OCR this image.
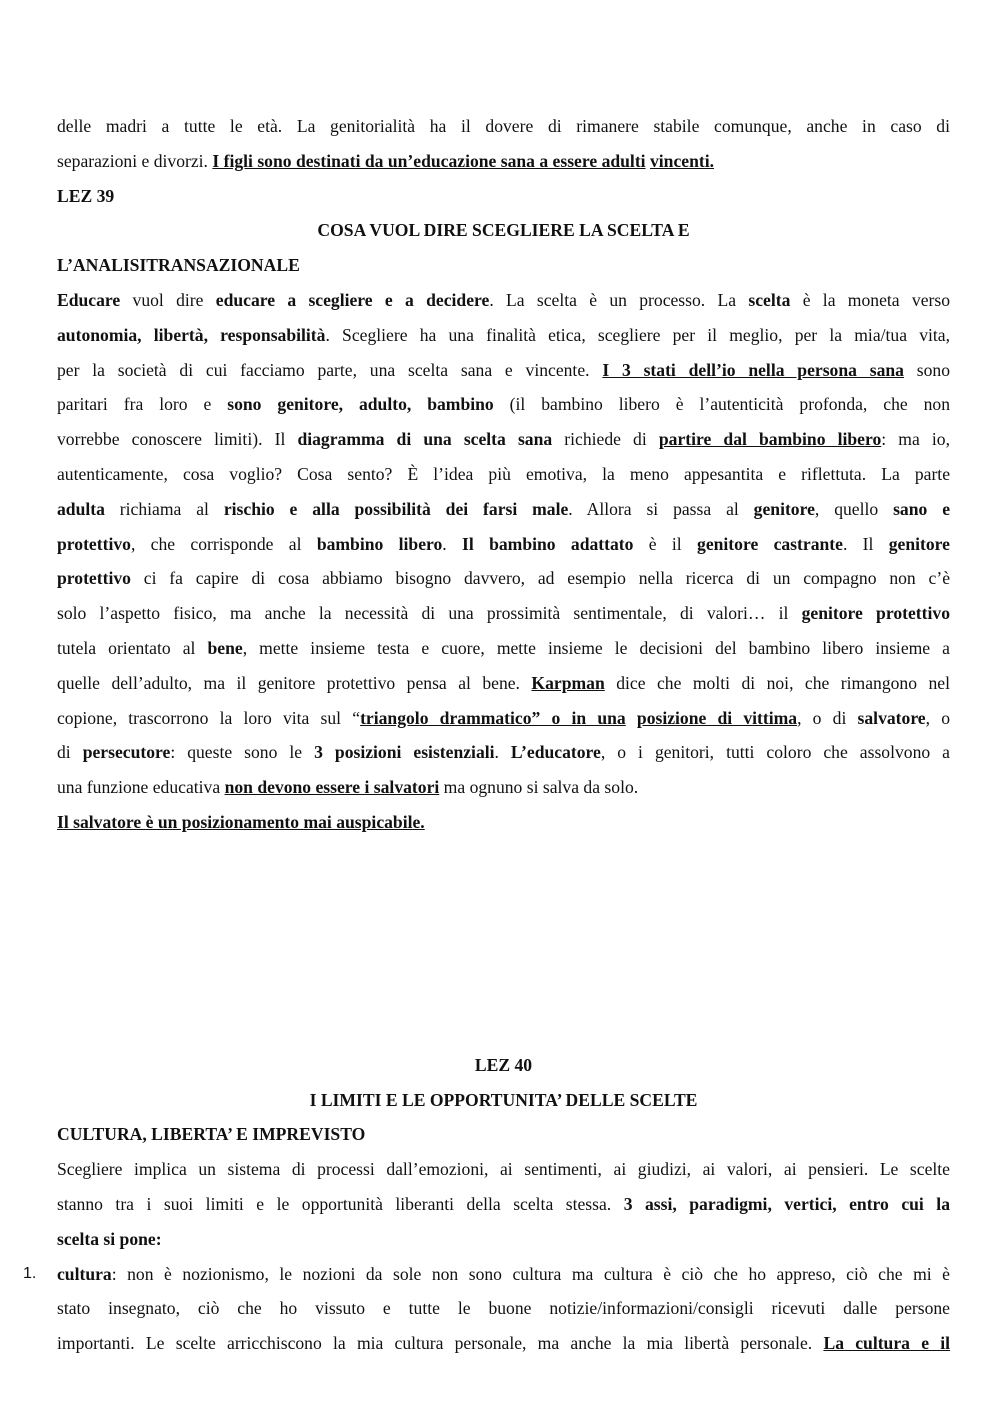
delle madri a tutte le età. La genitorialità ha il dovere di rimanere stabile comunque, anche in caso di
separazioni e divorzi. I figli sono destinati da un’educazione sana a essere adulti vincenti.
LEZ 39
COSA VUOL DIRE SCEGLIERE LA SCELTA E
L’ANALISITRANSAZIONALE
Educare vuol dire educare a scegliere e a decidere. La scelta è un processo. La scelta è la moneta verso
autonomia, libertà, responsabilità. Scegliere ha una finalità etica, scegliere per il meglio, per la mia/tua vita,
per la società di cui facciamo parte, una scelta sana e vincente. I 3 stati dell’io nella persona sana sono
paritari fra loro e sono genitore, adulto, bambino (il bambino libero è l’autenticità profonda, che non
vorrebbe conoscere limiti). Il diagramma di una scelta sana richiede di partire dal bambino libero: ma io,
autenticamente, cosa voglio? Cosa sento? È l’idea più emotiva, la meno appesantita e riflettuta. La parte
adulta richiama al rischio e alla possibilità dei farsi male. Allora si passa al genitore, quello sano e
protettivo, che corrisponde al bambino libero. Il bambino adattato è il genitore castrante. Il genitore
protettivo ci fa capire di cosa abbiamo bisogno davvero, ad esempio nella ricerca di un compagno non c’è
solo l’aspetto fisico, ma anche la necessità di una prossimità sentimentale, di valori… il genitore protettivo
tutela orientato al bene, mette insieme testa e cuore, mette insieme le decisioni del bambino libero insieme a
quelle dell’adulto, ma il genitore protettivo pensa al bene. Karpman dice che molti di noi, che rimangono nel
copione, trascorrono la loro vita sul “triangolo drammatico” o in una posizione di vittima, o di salvatore, o
di persecutore: queste sono le 3 posizioni esistenziali. L’educatore, o i genitori, tutti coloro che assolvono a
una funzione educativa non devono essere i salvatori ma ognuno si salva da solo.
Il salvatore è un posizionamento mai auspicabile.
LEZ 40
I LIMITI E LE OPPORTUNITA’ DELLE SCELTE
CULTURA, LIBERTA’ E IMPREVISTO
Scegliere implica un sistema di processi dall’emozioni, ai sentimenti, ai giudizi, ai valori, ai pensieri. Le scelte
stanno tra i suoi limiti e le opportunità liberanti della scelta stessa. 3 assi, paradigmi, vertici, entro cui la
scelta si pone:
1. cultura: non è nozionismo, le nozioni da sole non sono cultura ma cultura è ciò che ho appreso, ciò che mi è
stato insegnato, ciò che ho vissuto e tutte le buone notizie/informazioni/consigli ricevuti dalle persone
importanti. Le scelte arricchiscono la mia cultura personale, ma anche la mia libertà personale. La cultura e il
